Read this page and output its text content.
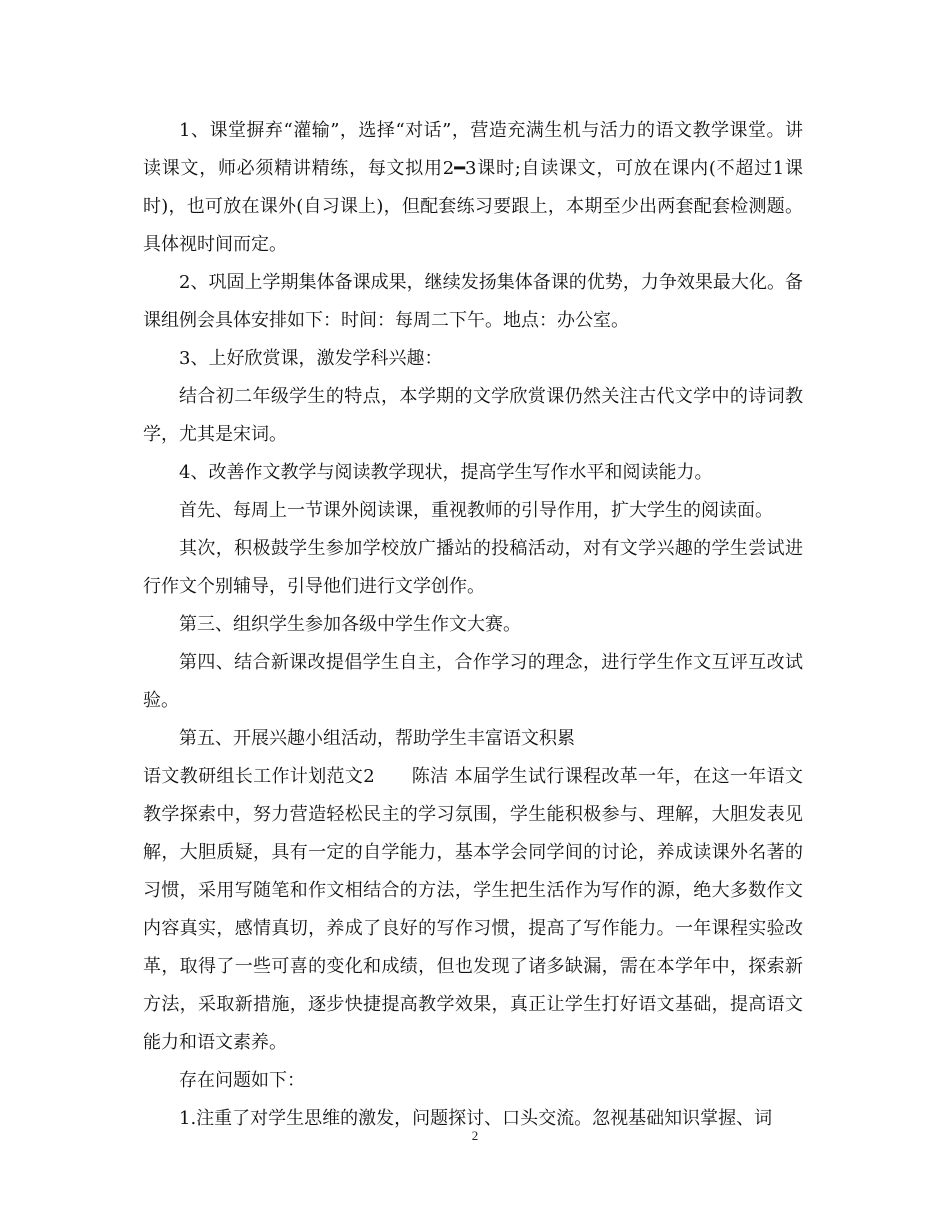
1、课堂摒弃“灌输”，选择“对话”，营造充满生机与活力的语文教学课堂。讲读课文，师必须精讲精练，每文拟用2━3课时;自读课文，可放在课内(不超过1课时)，也可放在课外(自习课上)，但配套练习要跟上，本期至少出两套配套检测题。具体视时间而定。

2、巩固上学期集体备课成果，继续发扬集体备课的优势，力争效果最大化。备课组例会具体安排如下：时间：每周二下午。地点：办公室。

3、上好欣赏课，激发学科兴趣：

结合初二年级学生的特点，本学期的文学欣赏课仍然关注古代文学中的诗词教学，尤其是宋词。

4、改善作文教学与阅读教学现状，提高学生写作水平和阅读能力。

首先、每周上一节课外阅读课，重视教师的引导作用，扩大学生的阅读面。

其次，积极鼓学生参加学校放广播站的投稿活动，对有文学兴趣的学生尝试进行作文个别辅导，引导他们进行文学创作。

第三、组织学生参加各级中学生作文大赛。

第四、结合新课改提倡学生自主，合作学习的理念，进行学生作文互评互改试验。

第五、开展兴趣小组活动，帮助学生丰富语文积累

语文教研组长工作计划范文2　　陈洁 本届学生试行课程改革一年，在这一年语文教学探索中，努力营造轻松民主的学习氛围，学生能积极参与、理解，大胆发表见解，大胆质疑，具有一定的自学能力，基本学会同学间的讨论，养成读课外名著的习惯，采用写随笔和作文相结合的方法，学生把生活作为写作的源，绝大多数作文内容真实，感情真切，养成了良好的写作习惯，提高了写作能力。一年课程实验改革，取得了一些可喜的变化和成绩，但也发现了诸多缺漏，需在本学年中，探索新方法，采取新措施，逐步快捷提高教学效果，真正让学生打好语文基础，提高语文能力和语文素养。

存在问题如下：

1.注重了对学生思维的激发，问题探讨、口头交流。忽视基础知识掌握、词

2
